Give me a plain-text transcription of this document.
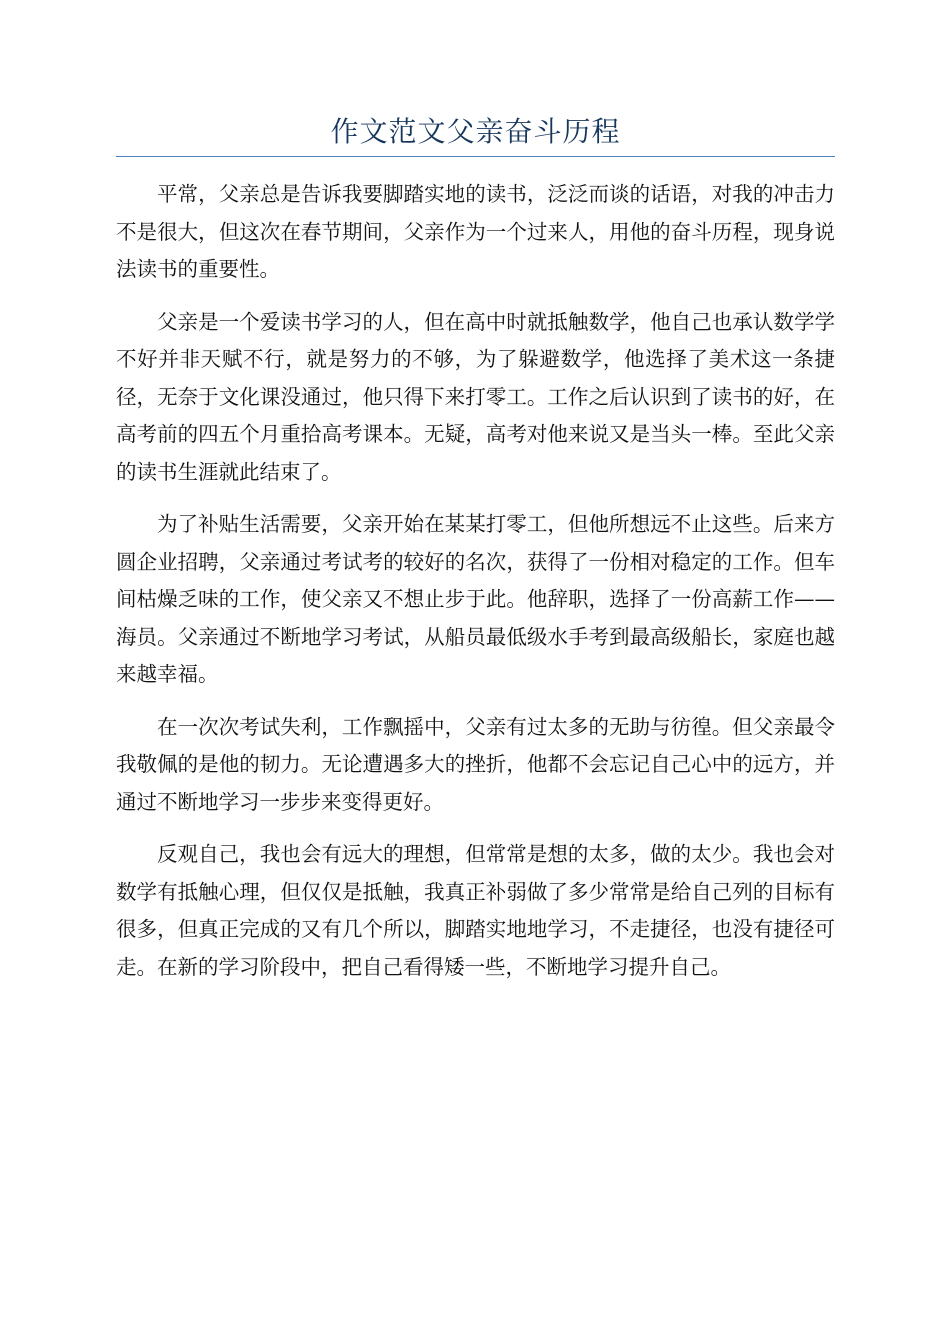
作文范文父亲奋斗历程

平常，父亲总是告诉我要脚踏实地的读书，泛泛而谈的话语，对我的冲击力不是很大，但这次在春节期间，父亲作为一个过来人，用他的奋斗历程，现身说法读书的重要性。

父亲是一个爱读书学习的人，但在高中时就抵触数学，他自己也承认数学学不好并非天赋不行，就是努力的不够，为了躲避数学，他选择了美术这一条捷径，无奈于文化课没通过，他只得下来打零工。工作之后认识到了读书的好，在高考前的四五个月重拾高考课本。无疑，高考对他来说又是当头一棒。至此父亲的读书生涯就此结束了。

为了补贴生活需要，父亲开始在某某打零工，但他所想远不止这些。后来方圆企业招聘，父亲通过考试考的较好的名次，获得了一份相对稳定的工作。但车间枯燥乏味的工作，使父亲又不想止步于此。他辞职，选择了一份高薪工作——海员。父亲通过不断地学习考试，从船员最低级水手考到最高级船长，家庭也越来越幸福。

在一次次考试失利，工作飘摇中，父亲有过太多的无助与彷徨。但父亲最令我敬佩的是他的韧力。无论遭遇多大的挫折，他都不会忘记自己心中的远方，并通过不断地学习一步步来变得更好。

反观自己，我也会有远大的理想，但常常是想的太多，做的太少。我也会对数学有抵触心理，但仅仅是抵触，我真正补弱做了多少常常是给自己列的目标有很多，但真正完成的又有几个所以，脚踏实地地学习，不走捷径，也没有捷径可走。在新的学习阶段中，把自己看得矮一些，不断地学习提升自己。
